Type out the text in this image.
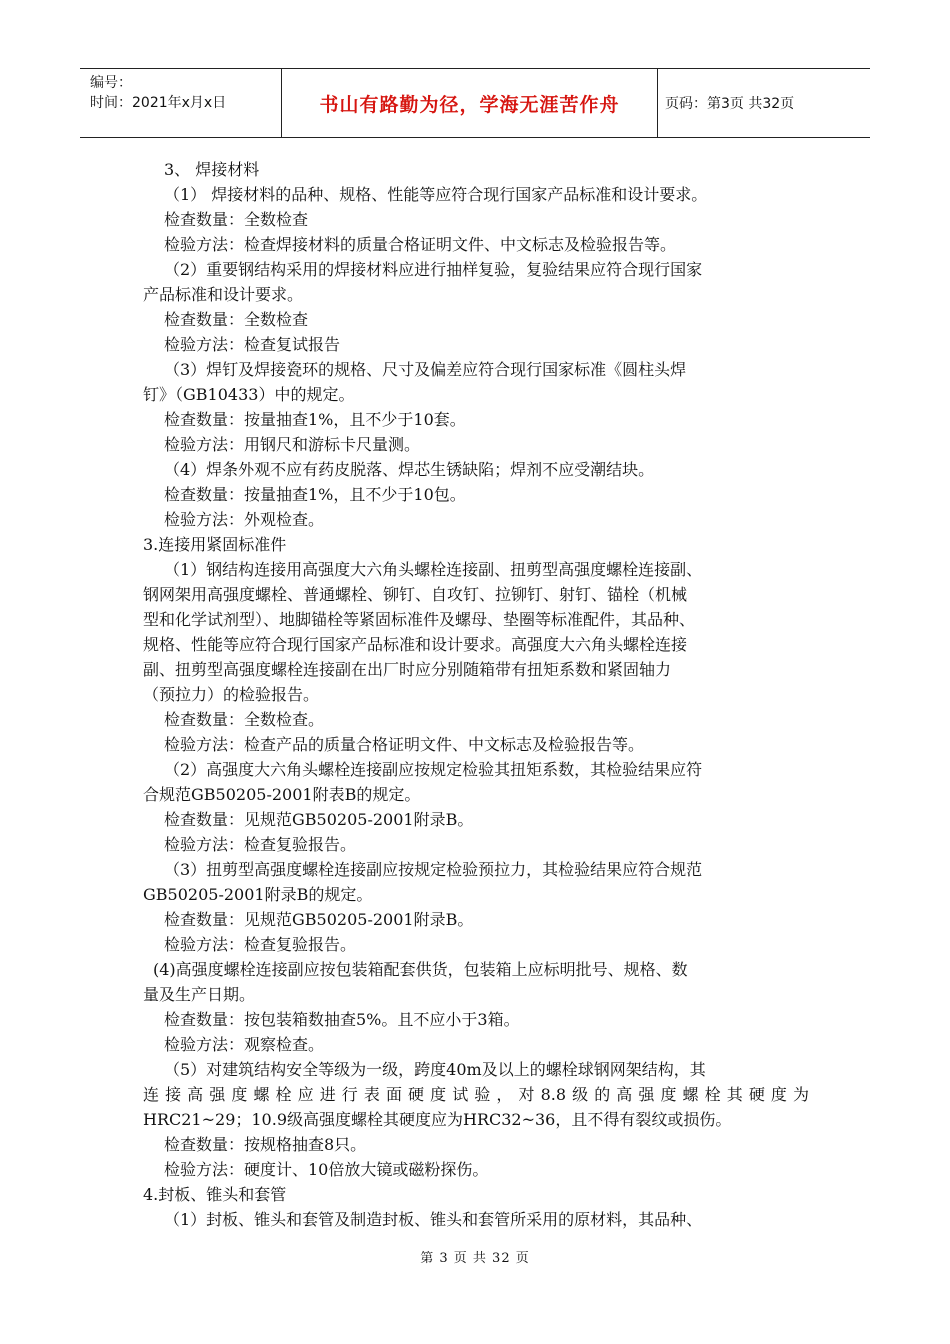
编号：
时间：2021年x月x日	书山有路勤为径，学海无涯苦作舟	页码：第3页 共32页

3、 焊接材料

（1） 焊接材料的品种、规格、性能等应符合现行国家产品标准和设计要求。

检查数量：全数检查

检验方法：检查焊接材料的质量合格证明文件、中文标志及检验报告等。

（2）重要钢结构采用的焊接材料应进行抽样复验，复验结果应符合现行国家

产品标准和设计要求。

检查数量：全数检查

检验方法：检查复试报告

（3）焊钉及焊接瓷环的规格、尺寸及偏差应符合现行国家标准《圆柱头焊

钉》（GB10433）中的规定。

检查数量：按量抽查1%，且不少于10套。

检验方法：用钢尺和游标卡尺量测。

（4）焊条外观不应有药皮脱落、焊芯生锈缺陷；焊剂不应受潮结块。

检查数量：按量抽查1%，且不少于10包。

检验方法：外观检查。

3.连接用紧固标准件

（1）钢结构连接用高强度大六角头螺栓连接副、扭剪型高强度螺栓连接副、

钢网架用高强度螺栓、普通螺栓、铆钉、自攻钉、拉铆钉、射钉、锚栓（机械

型和化学试剂型）、地脚锚栓等紧固标准件及螺母、垫圈等标准配件，其品种、

规格、性能等应符合现行国家产品标准和设计要求。高强度大六角头螺栓连接

副、扭剪型高强度螺栓连接副在出厂时应分别随箱带有扭矩系数和紧固轴力

（预拉力）的检验报告。

检查数量：全数检查。

检验方法：检查产品的质量合格证明文件、中文标志及检验报告等。

（2）高强度大六角头螺栓连接副应按规定检验其扭矩系数，其检验结果应符

合规范GB50205-2001附表B的规定。

检查数量：见规范GB50205-2001附录B。

检验方法：检查复验报告。

（3）扭剪型高强度螺栓连接副应按规定检验预拉力，其检验结果应符合规范

GB50205-2001附录B的规定。

检查数量：见规范GB50205-2001附录B。

检验方法：检查复验报告。

(4)高强度螺栓连接副应按包装箱配套供货，包装箱上应标明批号、规格、数

量及生产日期。

检查数量：按包装箱数抽查5%。且不应小于3箱。

检验方法：观察检查。

（5）对建筑结构安全等级为一级，跨度40m及以上的螺栓球钢网架结构，其

连接高强度螺栓应进行表面硬度试验，对8.8级的高强度螺栓其硬度为

HRC21~29；10.9级高强度螺栓其硬度应为HRC32~36，且不得有裂纹或损伤。

检查数量：按规格抽查8只。

检验方法：硬度计、10倍放大镜或磁粉探伤。

4.封板、锥头和套管

（1）封板、锥头和套管及制造封板、锥头和套管所采用的原材料，其品种、

第 3 页 共 32 页
